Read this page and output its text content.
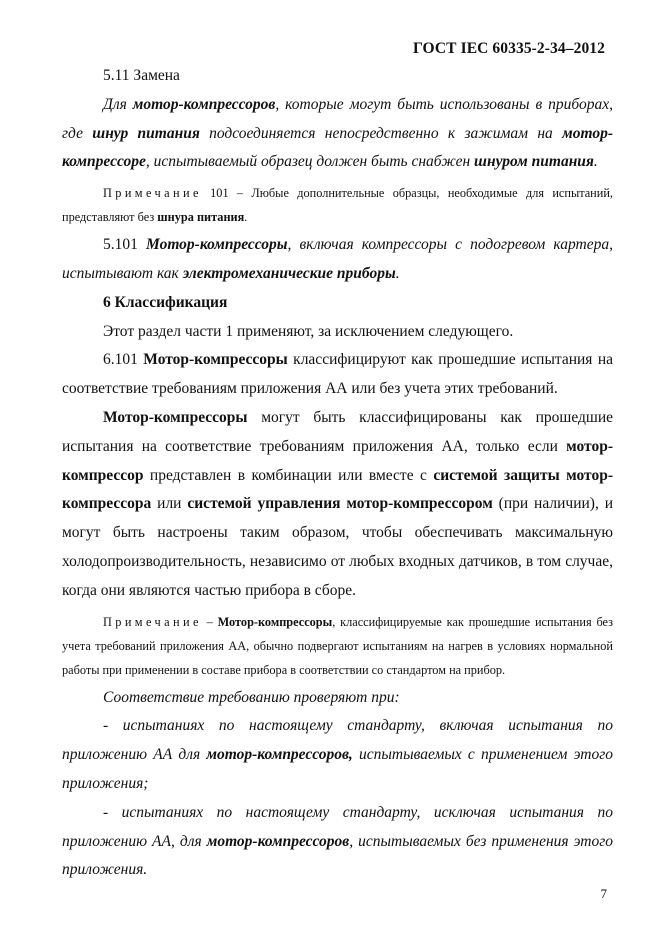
ГОСТ IEC 60335-2-34–2012

5.11 Замена

Для мотор-компрессоров, которые могут быть использованы в приборах, где шнур питания подсоединяется непосредственно к зажимам на мотор-компрессоре, испытываемый образец должен быть снабжен шнуром питания.

Примечание 101 – Любые дополнительные образцы, необходимые для испытаний, представляют без шнура питания.

5.101 Мотор-компрессоры, включая компрессоры с подогревом картера, испытывают как электромеханические приборы.

6 Классификация

Этот раздел части 1 применяют, за исключением следующего.

6.101 Мотор-компрессоры классифицируют как прошедшие испытания на соответствие требованиям приложения АА или без учета этих требований.

Мотор-компрессоры могут быть классифицированы как прошедшие испытания на соответствие требованиям приложения АА, только если мотор-компрессор представлен в комбинации или вместе с системой защиты мотор-компрессора или системой управления мотор-компрессором (при наличии), и могут быть настроены таким образом, чтобы обеспечивать максимальную холодопроизводительность, независимо от любых входных датчиков, в том случае, когда они являются частью прибора в сборе.

Примечание – Мотор-компрессоры, классифицируемые как прошедшие испытания без учета требований приложения АА, обычно подвергают испытаниям на нагрев в условиях нормальной работы при применении в составе прибора в соответствии со стандартом на прибор.

Соответствие требованию проверяют при:

- испытаниях по настоящему стандарту, включая испытания по приложению АА для мотор-компрессоров, испытываемых с применением этого приложения;

- испытаниях по настоящему стандарту, исключая испытания по приложению АА, для мотор-компрессоров, испытываемых без применения этого приложения.

7
